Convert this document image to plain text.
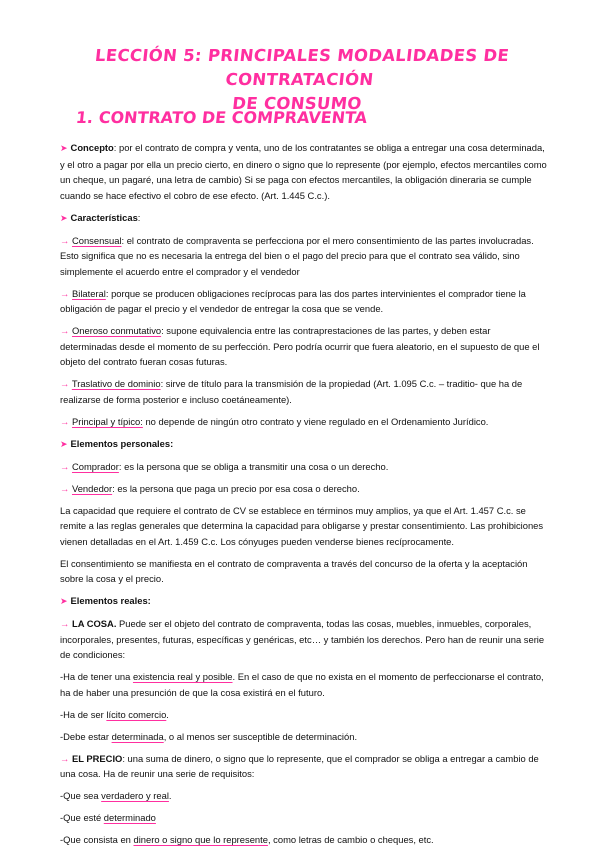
LECCIÓN 5: PRINCIPALES MODALIDADES DE CONTRATACIÓN
DE CONSUMO
1. CONTRATO DE COMPRAVENTA

➤ Concepto: por el contrato de compra y venta, uno de los contratantes se obliga a entregar una cosa determinada, y el otro a pagar por ella un precio cierto, en dinero o signo que lo represente (por ejemplo, efectos mercantiles como un cheque, un pagaré, una letra de cambio) Si se paga con efectos mercantiles, la obligación dineraria se cumple cuando se hace efectivo el cobro de ese efecto. (Art. 1.445 C.c.).

➤ Características:

→ Consensual: el contrato de compraventa se perfecciona por el mero consentimiento de las partes involucradas. Esto significa que no es necesaria la entrega del bien o el pago del precio para que el contrato sea válido, sino simplemente el acuerdo entre el comprador y el vendedor

→ Bilateral: porque se producen obligaciones recíprocas para las dos partes intervinientes el comprador tiene la obligación de pagar el precio y el vendedor de entregar la cosa que se vende.

→ Oneroso conmutativo: supone equivalencia entre las contraprestaciones de las partes, y deben estar determinadas desde el momento de su perfección. Pero podría ocurrir que fuera aleatorio, en el supuesto de que el objeto del contrato fueran cosas futuras.

→ Traslativo de dominio: sirve de título para la transmisión de la propiedad (Art. 1.095 C.c. – traditio- que ha de realizarse de forma posterior e incluso coetáneamente).

→ Principal y típico: no depende de ningún otro contrato y viene regulado en el Ordenamiento Jurídico.

➤ Elementos personales:

→ Comprador: es la persona que se obliga a transmitir una cosa o un derecho.

→ Vendedor: es la persona que paga un precio por esa cosa o derecho.

La capacidad que requiere el contrato de CV se establece en términos muy amplios, ya que el Art. 1.457 C.c. se remite a las reglas generales que determina la capacidad para obligarse y prestar consentimiento. Las prohibiciones vienen detalladas en el Art. 1.459 C.c. Los cónyuges pueden venderse bienes recíprocamente.

El consentimiento se manifiesta en el contrato de compraventa a través del concurso de la oferta y la aceptación sobre la cosa y el precio.

➤ Elementos reales:

→ LA COSA. Puede ser el objeto del contrato de compraventa, todas las cosas, muebles, inmuebles, corporales, incorporales, presentes, futuras, específicas y genéricas, etc… y también los derechos. Pero han de reunir una serie de condiciones:

-Ha de tener una existencia real y posible. En el caso de que no exista en el momento de perfeccionarse el contrato, ha de haber una presunción de que la cosa existirá en el futuro.

-Ha de ser lícito comercio.

-Debe estar determinada, o al menos ser susceptible de determinación.

→ EL PRECIO: una suma de dinero, o signo que lo represente, que el comprador se obliga a entregar a cambio de una cosa. Ha de reunir una serie de requisitos:

-Que sea verdadero y real.

-Que esté determinado

-Que consista en dinero o signo que lo represente, como letras de cambio o cheques, etc.
